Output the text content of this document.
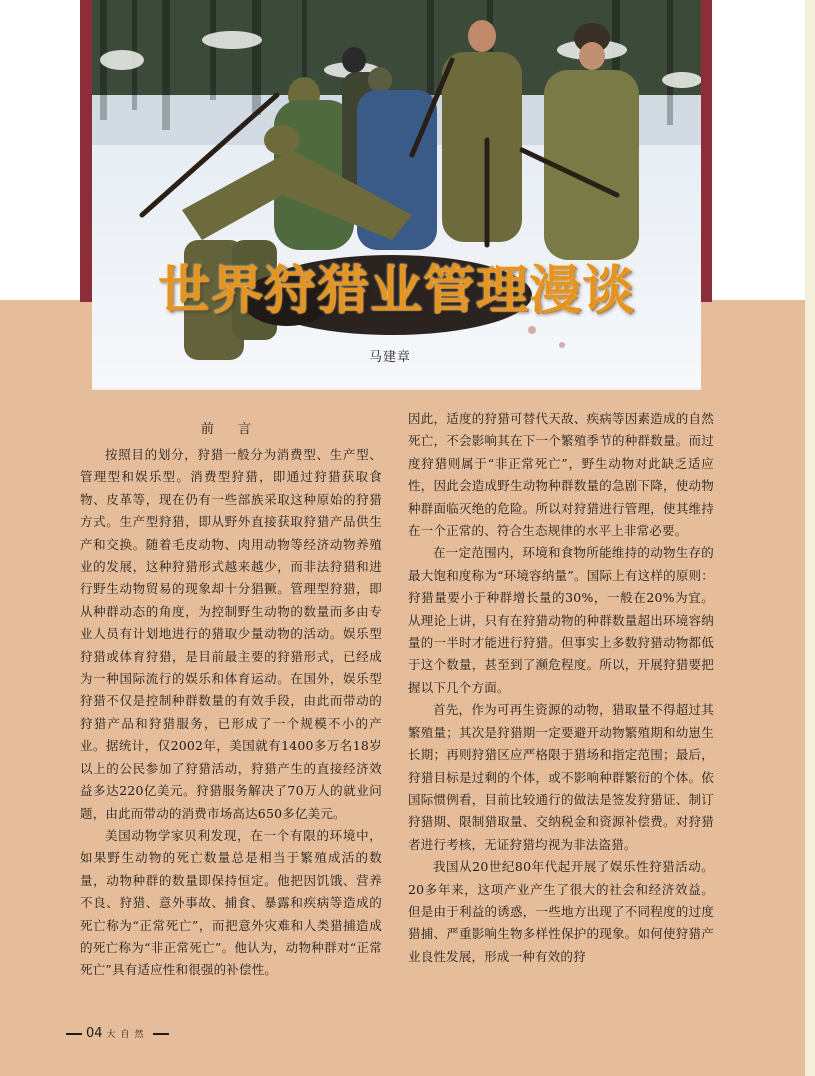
世界狩猎业管理漫谈
马建章
前 言

按照目的划分，狩猎一般分为消费型、生产型、管理型和娱乐型。消费型狩猎，即通过狩猎获取食物、皮革等，现在仍有一些部族采取这种原始的狩猎方式。生产型狩猎，即从野外直接获取狩猎产品供生产和交换。随着毛皮动物、肉用动物等经济动物养殖业的发展，这种狩猎形式越来越少，而非法狩猎和进行野生动物贸易的现象却十分猖獗。管理型狩猎，即从种群动态的角度，为控制野生动物的数量而多由专业人员有计划地进行的猎取少量动物的活动。娱乐型狩猎或体育狩猎，是目前最主要的狩猎形式，已经成为一种国际流行的娱乐和体育运动。在国外，娱乐型狩猎不仅是控制种群数量的有效手段，由此而带动的狩猎产品和狩猎服务，已形成了一个规模不小的产业。据统计，仅2002年，美国就有1400多万名18岁以上的公民参加了狩猎活动，狩猎产生的直接经济效益多达220亿美元。狩猎服务解决了70万人的就业问题，由此而带动的消费市场高达650多亿美元。

美国动物学家贝利发现，在一个有限的环境中，如果野生动物的死亡数量总是相当于繁殖成活的数量，动物种群的数量即保持恒定。他把因饥饿、营养不良、狩猎、意外事故、捕食、暴露和疾病等造成的死亡称为“正常死亡”，而把意外灾难和人类猎捕造成的死亡称为“非正常死亡”。他认为，动物种群对“正常死亡”具有适应性和很强的补偿性。

因此，适度的狩猎可替代天敌、疾病等因素造成的自然死亡，不会影响其在下一个繁殖季节的种群数量。而过度狩猎则属于“非正常死亡”，野生动物对此缺乏适应性，因此会造成野生动物种群数量的急剧下降，使动物种群面临灭绝的危险。所以对狩猎进行管理，使其维持在一个正常的、符合生态规律的水平上非常必要。

在一定范围内，环境和食物所能维持的动物生存的最大饱和度称为“环境容纳量”。国际上有这样的原则：狩猎量要小于种群增长量的30%，一般在20%为宜。从理论上讲，只有在狩猎动物的种群数量超出环境容纳量的一半时才能进行狩猎。但事实上多数狩猎动物都低于这个数量，甚至到了濒危程度。所以，开展狩猎要把握以下几个方面。

首先，作为可再生资源的动物，猎取量不得超过其繁殖量；其次是狩猎期一定要避开动物繁殖期和幼崽生长期；再则狩猎区应严格限于猎场和指定范围；最后，狩猎目标是过剩的个体，或不影响种群繁衍的个体。依国际惯例看，目前比较通行的做法是签发狩猎证、制订狩猎期、限制猎取量、交纳税金和资源补偿费。对狩猎者进行考核，无证狩猎均视为非法盗猎。

我国从20世纪80年代起开展了娱乐性狩猎活动。20多年来，这项产业产生了很大的社会和经济效益。但是由于利益的诱惑，一些地方出现了不同程度的过度猎捕、严重影响生物多样性保护的现象。如何使狩猎产业良性发展，形成一种有效的狩

04 大自然
